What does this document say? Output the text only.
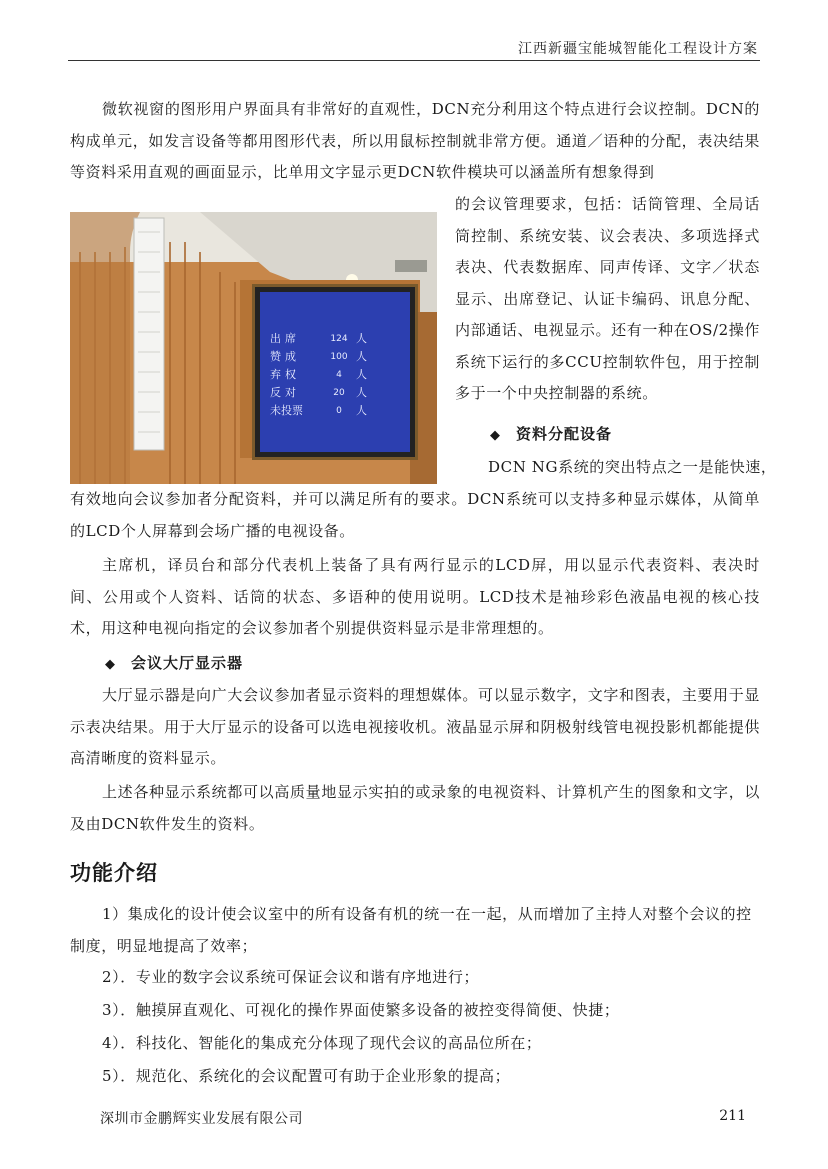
江西新疆宝能城智能化工程设计方案

微软视窗的图形用户界面具有非常好的直观性，DCN充分利用这个特点进行会议控制。DCN的构成单元，如发言设备等都用图形代表，所以用鼠标控制就非常方便。通道／语种的分配，表决结果等资料采用直观的画面显示，比单用文字显示更DCN软件模块可以涵盖所有想象得到

出席	124 人
赞成	100 人
弃权	4	人
反对	20	人
未投票	0	人

的会议管理要求，包括：话筒管理、全局话筒控制、系统安装、议会表决、多项选择式表决、代表数据库、同声传译、文字／状态显示、出席登记、认证卡编码、讯息分配、内部通话、电视显示。还有一种在OS/2操作系统下运行的多CCU控制软件包，用于控制多于一个中央控制器的系统。

◆ 资料分配设备
DCN NG系统的突出特点之一是能快速，

有效地向会议参加者分配资料，并可以满足所有的要求。DCN系统可以支持多种显示媒体，从简单的LCD个人屏幕到会场广播的电视设备。

主席机，译员台和部分代表机上装备了具有两行显示的LCD屏，用以显示代表资料、表决时间、公用或个人资料、话筒的状态、多语种的使用说明。LCD技术是袖珍彩色液晶电视的核心技术，用这种电视向指定的会议参加者个别提供资料显示是非常理想的。

◆ 会议大厅显示器

大厅显示器是向广大会议参加者显示资料的理想媒体。可以显示数字，文字和图表，主要用于显示表决结果。用于大厅显示的设备可以选电视接收机。液晶显示屏和阴极射线管电视投影机都能提供高清晰度的资料显示。

上述各种显示系统都可以高质量地显示实拍的或录象的电视资料、计算机产生的图象和文字，以及由DCN软件发生的资料。

功能介绍
1）集成化的设计使会议室中的所有设备有机的统一在一起，从而增加了主持人对整个会议的控制度，明显地提高了效率；
2）．专业的数字会议系统可保证会议和谐有序地进行；
3）．触摸屏直观化、可视化的操作界面使繁多设备的被控变得简便、快捷；
4）．科技化、智能化的集成充分体现了现代会议的高品位所在；
5）．规范化、系统化的会议配置可有助于企业形象的提高；
深圳市金鹏辉实业发展有限公司	211
